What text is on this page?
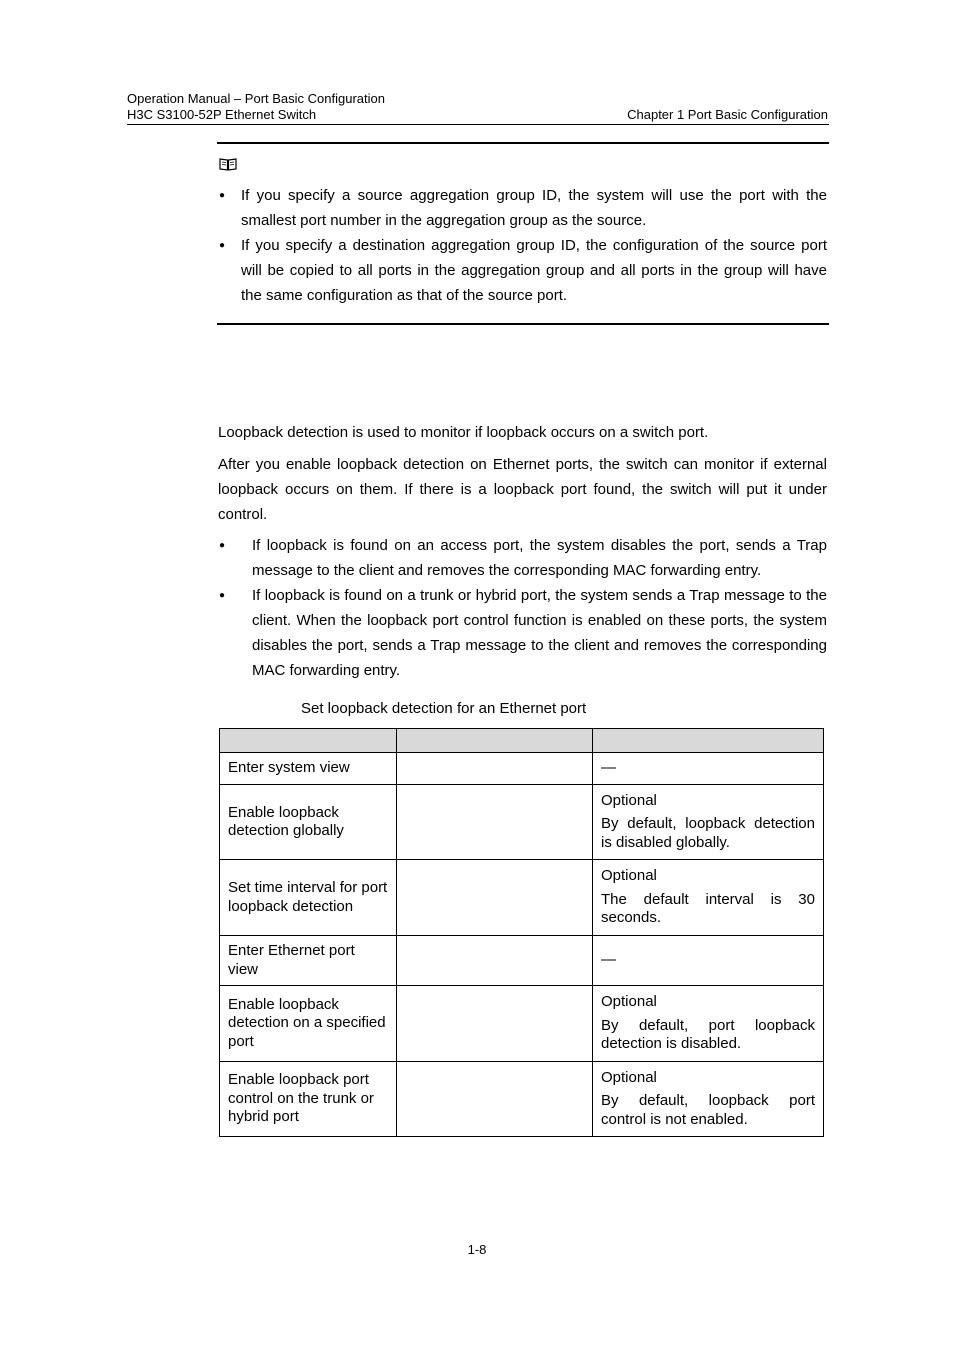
Operation Manual – Port Basic Configuration
H3C S3100-52P Ethernet Switch	Chapter 1 Port Basic Configuration
● If you specify a source aggregation group ID, the system will use the port with the smallest port number in the aggregation group as the source.
● If you specify a destination aggregation group ID, the configuration of the source port will be copied to all ports in the aggregation group and all ports in the group will have the same configuration as that of the source port.
Loopback detection is used to monitor if loopback occurs on a switch port.
After you enable loopback detection on Ethernet ports, the switch can monitor if external loopback occurs on them. If there is a loopback port found, the switch will put it under control.
● If loopback is found on an access port, the system disables the port, sends a Trap message to the client and removes the corresponding MAC forwarding entry.
● If loopback is found on a trunk or hybrid port, the system sends a Trap message to the client. When the loopback port control function is enabled on these ports, the system disables the port, sends a Trap message to the client and removes the corresponding MAC forwarding entry.
Set loopback detection for an Ethernet port

Enter system view		—

Enable loopback detection globally		Optional
By default, loopback detection is disabled globally.

Set time interval for port loopback detection		Optional
The default interval is 30 seconds.

Enter Ethernet port view		—

Enable loopback detection on a specified port		Optional
By default, port loopback detection is disabled.

Enable loopback port control on the trunk or hybrid port		Optional
By default, loopback port control is not enabled.
1-8
